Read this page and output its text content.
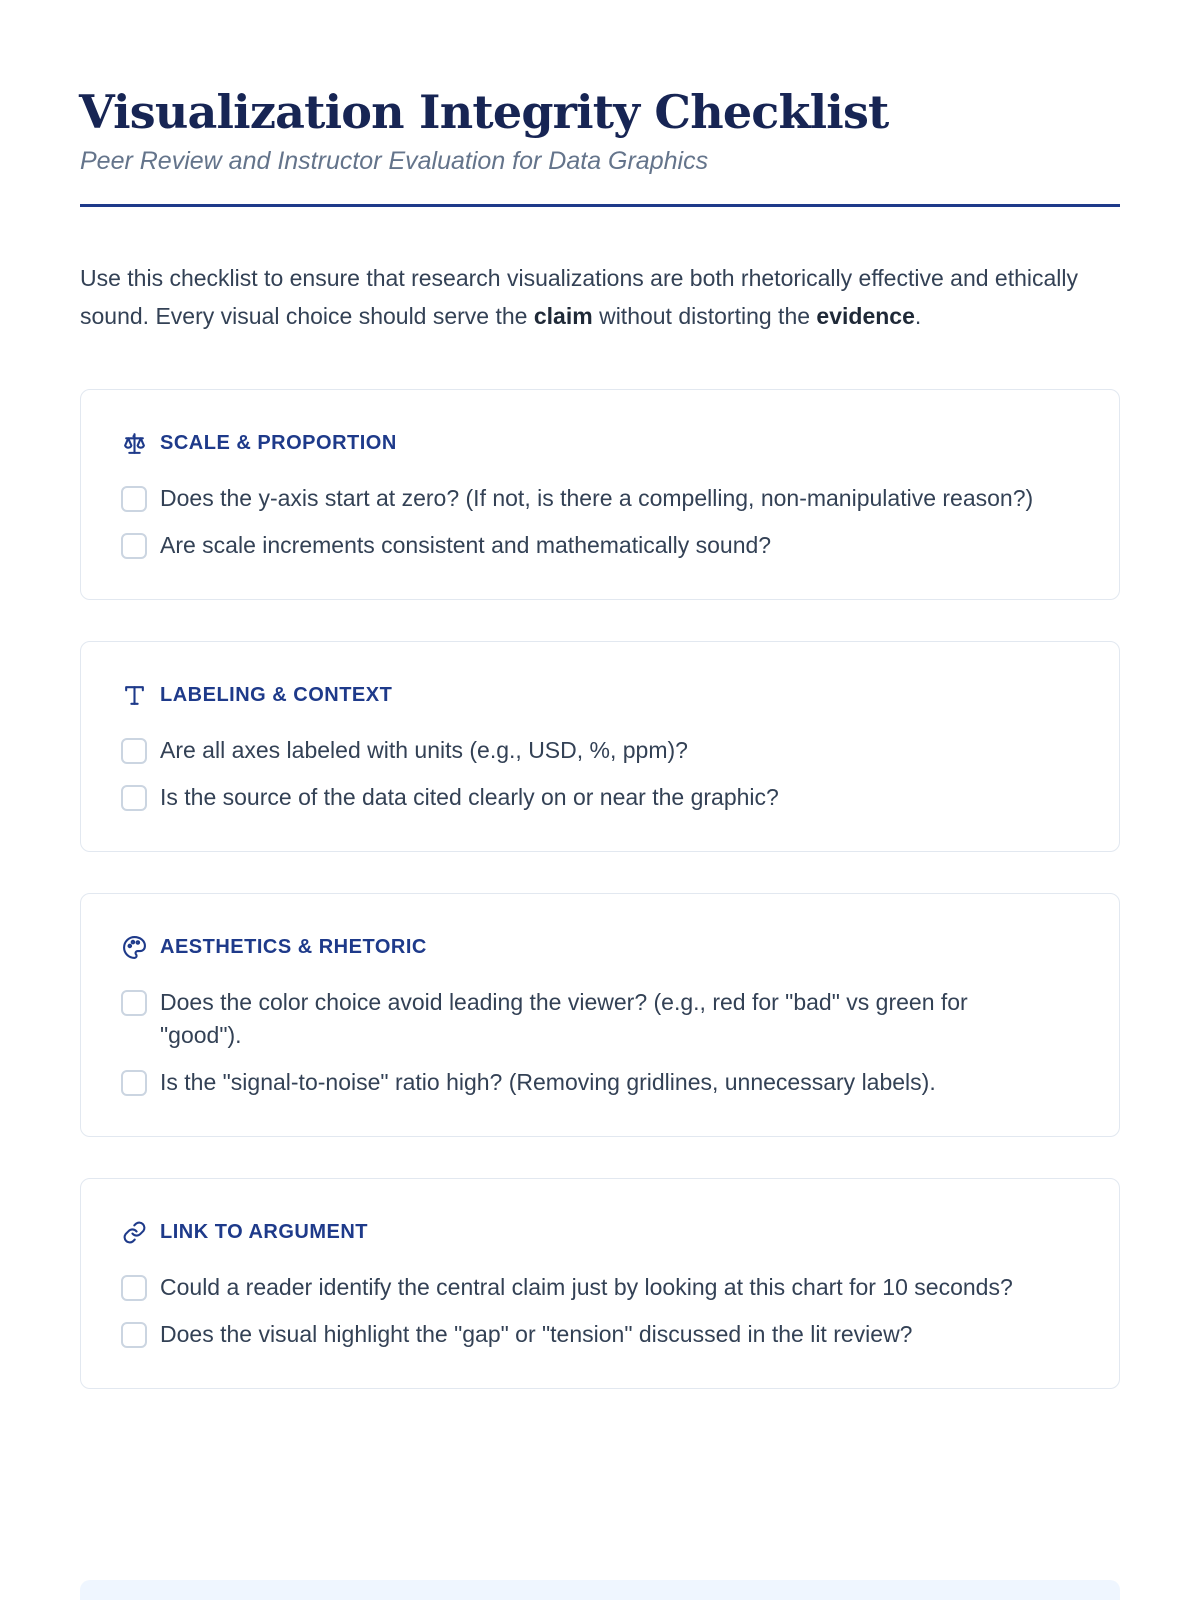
Visualization Integrity Checklist
Peer Review and Instructor Evaluation for Data Graphics

Use this checklist to ensure that research visualizations are both rhetorically effective and ethically sound. Every visual choice should serve the claim without distorting the evidence.

SCALE & PROPORTION
Does the y-axis start at zero? (If not, is there a compelling, non-manipulative reason?)
Are scale increments consistent and mathematically sound?
LABELING & CONTEXT
Are all axes labeled with units (e.g., USD, %, ppm)?
Is the source of the data cited clearly on or near the graphic?
AESTHETICS & RHETORIC
Does the color choice avoid leading the viewer? (e.g., red for "bad" vs green for "good").
Is the "signal-to-noise" ratio high? (Removing gridlines, unnecessary labels).
LINK TO ARGUMENT
Could a reader identify the central claim just by looking at this chart for 10 seconds?
Does the visual highlight the "gap" or "tension" discussed in the lit review?
